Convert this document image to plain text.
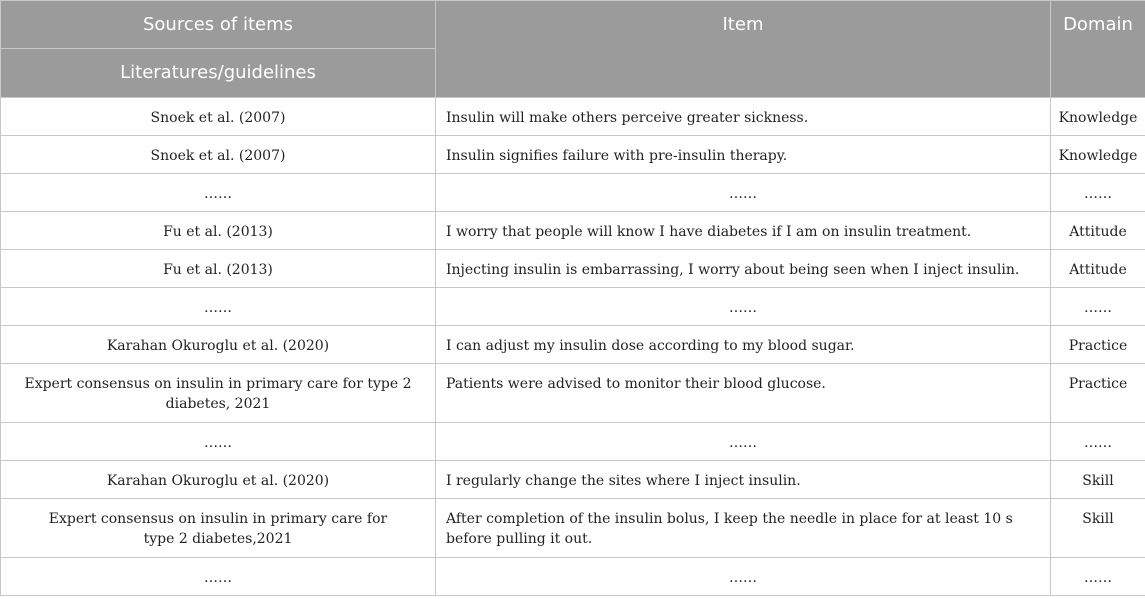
Sources of items	Item	Domain
Literatures/guidelines		
Snoek et al. (2007)	Insulin will make others perceive greater sickness.	Knowledge
Snoek et al. (2007)	Insulin signifies failure with pre-insulin therapy.	Knowledge
……	……	……
Fu et al. (2013)	I worry that people will know I have diabetes if I am on insulin treatment.	Attitude
Fu et al. (2013)	Injecting insulin is embarrassing, I worry about being seen when I inject insulin.	Attitude
……	……	……
Karahan Okuroglu et al. (2020)	I can adjust my insulin dose according to my blood sugar.	Practice
Expert consensus on insulin in primary care for type 2 diabetes, 2021	Patients were advised to monitor their blood glucose.	Practice
……	……	……
Karahan Okuroglu et al. (2020)	I regularly change the sites where I inject insulin.	Skill
Expert consensus on insulin in primary care for type 2 diabetes,2021	After completion of the insulin bolus, I keep the needle in place for at least 10 s before pulling it out.	Skill
……	……	……
